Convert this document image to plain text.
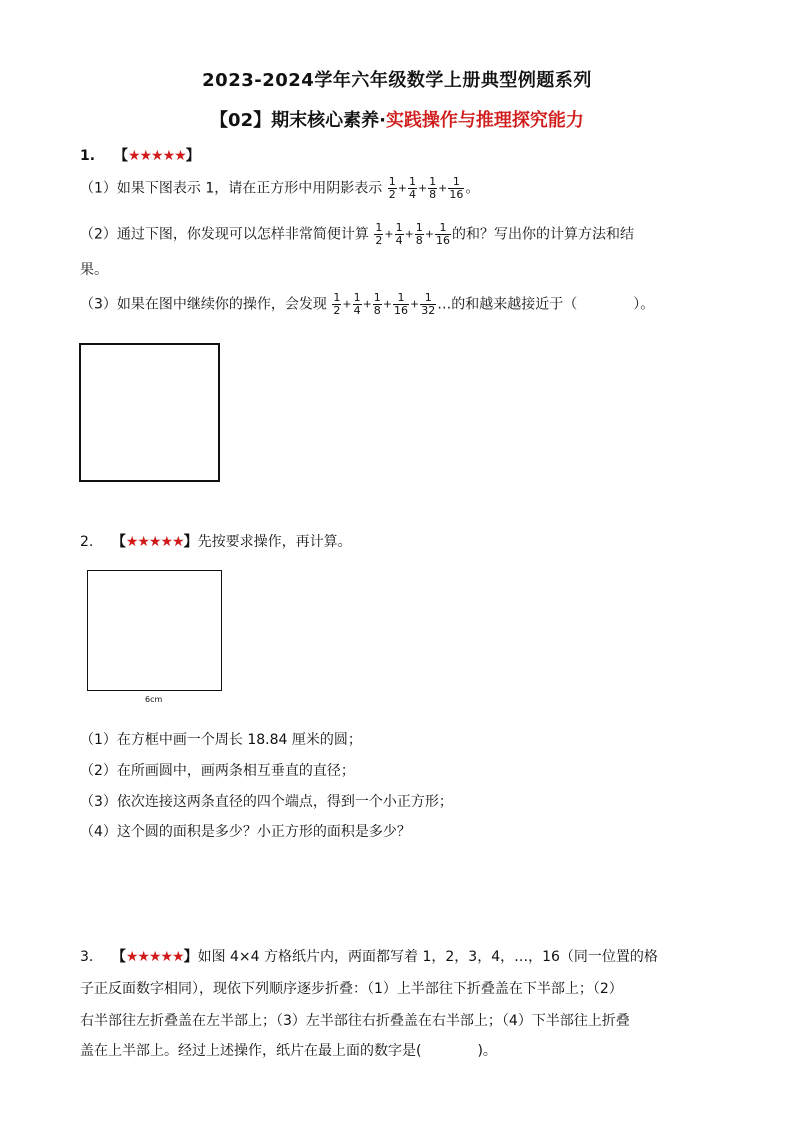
2023-2024学年六年级数学上册典型例题系列
【02】期末核心素养·实践操作与推理探究能力
1. 【★★★★★】
（1）如果下图表示 1，请在正方形中用阴影表示 $\frac{1}{2} + \frac{1}{4} + \frac{1}{8} + \frac{1}{16}$ 。
（2）通过下图，你发现可以怎样非常简便计算 $\frac{1}{2} + \frac{1}{4} + \frac{1}{8} + \frac{1}{16}$ 的和？写出你的计算方法和结
果。
（3）如果在图中继续你的操作，会发现 $\frac{1}{2} + \frac{1}{4} + \frac{1}{8} + \frac{1}{16} + \frac{1}{32}$ …的和越来越接近于（　　　　）。
2. 【★★★★★】先按要求操作，再计算。
6cm
（1）在方框中画一个周长 18.84 厘米的圆；
（2）在所画圆中，画两条相互垂直的直径；
（3）依次连接这两条直径的四个端点，得到一个小正方形；
（4）这个圆的面积是多少？小正方形的面积是多少？
3. 【★★★★★】如图 4×4 方格纸片内，两面都写着 1，2，3，4，…，16（同一位置的格
子正反面数字相同），现依下列顺序逐步折叠：（1）上半部往下折叠盖在下半部上；（2）
右半部往左折叠盖在左半部上；（3）左半部往右折叠盖在右半部上；（4）下半部往上折叠
盖在上半部上。经过上述操作，纸片在最上面的数字是(　　　　)。
